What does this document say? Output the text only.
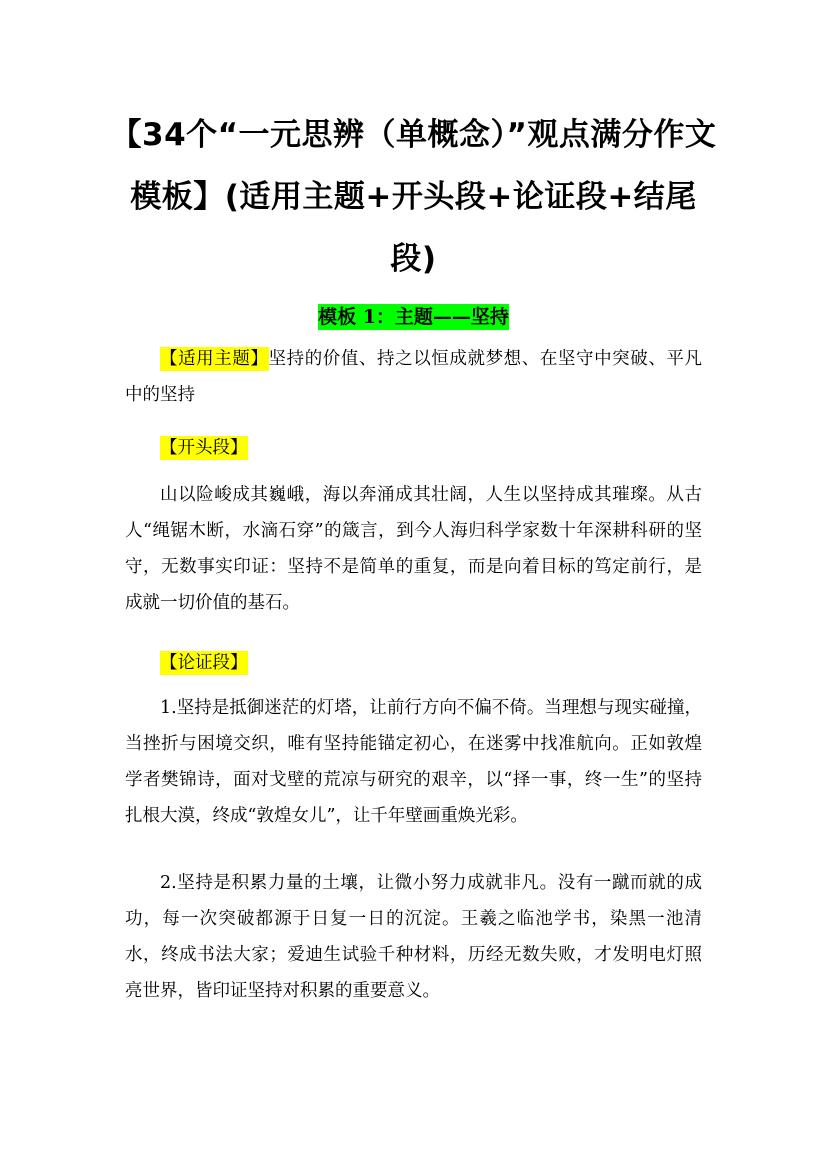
【34个“一元思辨（单概念）”观点满分作文模板】(适用主题+开头段+论证段+结尾段)
模板 1：主题——坚持
【适用主题】坚持的价值、持之以恒成就梦想、在坚守中突破、平凡中的坚持
【开头段】
山以险峻成其巍峨，海以奔涌成其壮阔，人生以坚持成其璀璨。从古人“绳锯木断，水滴石穿”的箴言，到今人海归科学家数十年深耕科研的坚守，无数事实印证：坚持不是简单的重复，而是向着目标的笃定前行，是成就一切价值的基石。
【论证段】
1.坚持是抵御迷茫的灯塔，让前行方向不偏不倚。当理想与现实碰撞，当挫折与困境交织，唯有坚持能锚定初心，在迷雾中找准航向。正如敦煌学者樊锦诗，面对戈壁的荒凉与研究的艰辛，以“择一事，终一生”的坚持扎根大漠，终成“敦煌女儿”，让千年壁画重焕光彩。
2.坚持是积累力量的土壤，让微小努力成就非凡。没有一蹴而就的成功，每一次突破都源于日复一日的沉淀。王羲之临池学书，染黑一池清水，终成书法大家；爱迪生试验千种材料，历经无数失败，才发明电灯照亮世界，皆印证坚持对积累的重要意义。
